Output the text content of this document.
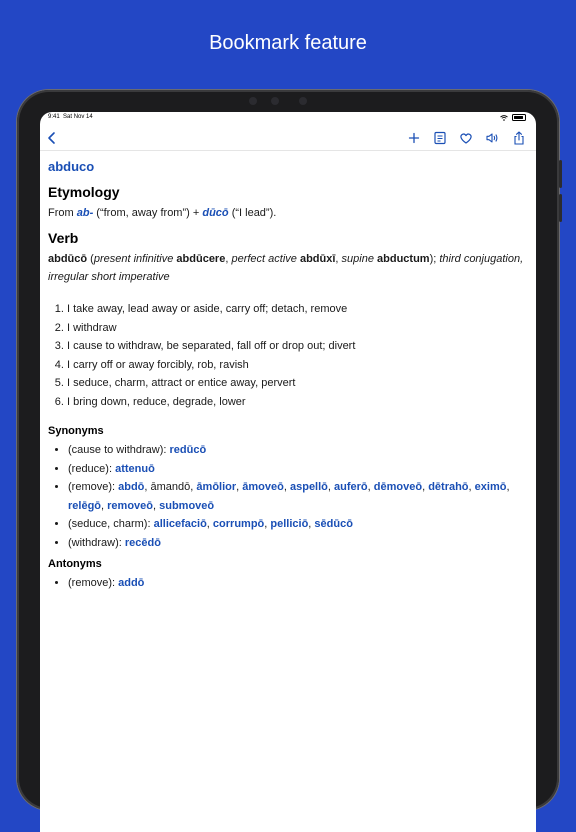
Bookmark feature
9:41 Sat Nov 14
abduco
Etymology
From ab- (“from, away from”) + dūcō (“I lead”).
Verb
abdūcō (present infinitive abdūcere, perfect active abdūxī, supine abductum); third conjugation, irregular short imperative
1. I take away, lead away or aside, carry off; detach, remove
2. I withdraw
3. I cause to withdraw, be separated, fall off or drop out; divert
4. I carry off or away forcibly, rob, ravish
5. I seduce, charm, attract or entice away, pervert
6. I bring down, reduce, degrade, lower
Synonyms
• (cause to withdraw): redūcō
• (reduce): attenuō
• (remove): abdō, āmandō, āmōlior, āmoveō, aspellō, auferō, dēmoveō, dētrahō, eximō, relēgō, removeō, submoveō
• (seduce, charm): allicefaciō, corrumpō, pelliciō, sēdūcō
• (withdraw): recēdō
Antonyms
• (remove): addō
